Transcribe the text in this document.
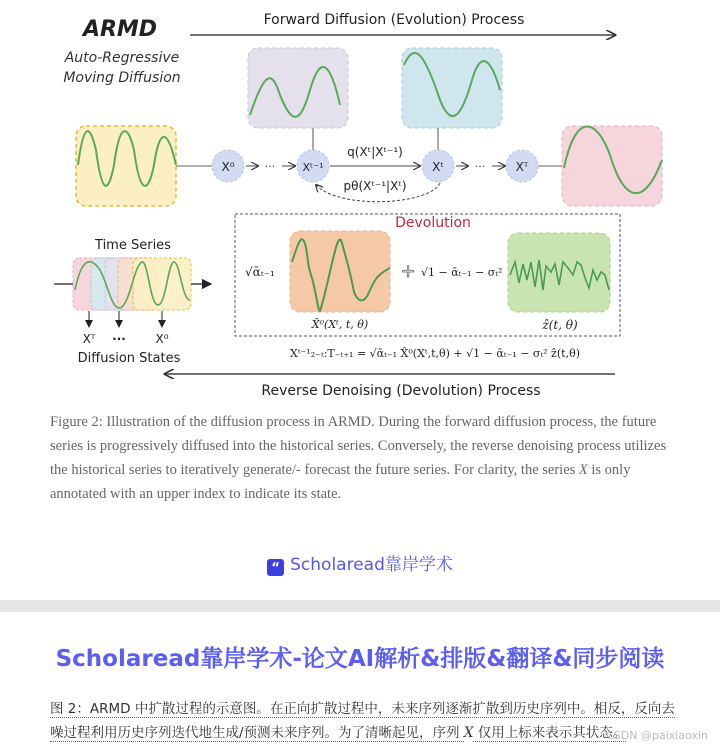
ARMD
Auto-Regressive
Moving Diffusion
Forward Diffusion (Evolution) Process
X⁰	··· Xᵗ⁻¹
q(Xᵗ|Xᵗ⁻¹)
Xᵗ
pθ(Xᵗ⁻¹|Xᵗ)
···	Xᵀ
Devolution
√ᾱₜ₋₁
X̂⁰(Xᵗ, t, θ)
+ √1 − ᾱₜ₋₁ − σₜ²
ẑ(t, θ)
Xᵗ⁻¹₂₋ₜ:T₋ₜ₊₁ = √ᾱₜ₋₁ X̂⁰(Xᵗ,t,θ) + √1 − ᾱₜ₋₁ − σₜ² ẑ(t,θ)
Time Series
Xᵀ ··· X⁰
Diffusion States
Reverse Denoising (Devolution) Process
Figure 2: Illustration of the diffusion process in ARMD. During the forward diffusion process, the future series is progressively diffused into the historical series. Conversely, the reverse denoising process utilizes the historical series to iteratively generate/- forecast the future series. For clarity, the series X is only annotated with an upper index to indicate its state.
“ Scholaread靠岸学术
Scholaread靠岸学术-论文AI解析&排版&翻译&同步阅读
图 2：ARMD 中扩散过程的示意图。在正向扩散过程中，未来序列逐渐扩散到历史序列中。相反，反向去噪过程利用历史序列迭代地生成/预测未来序列。为了清晰起见，序列 X 仅用上标来表示其状态。
CSDN @paixiaoxin
